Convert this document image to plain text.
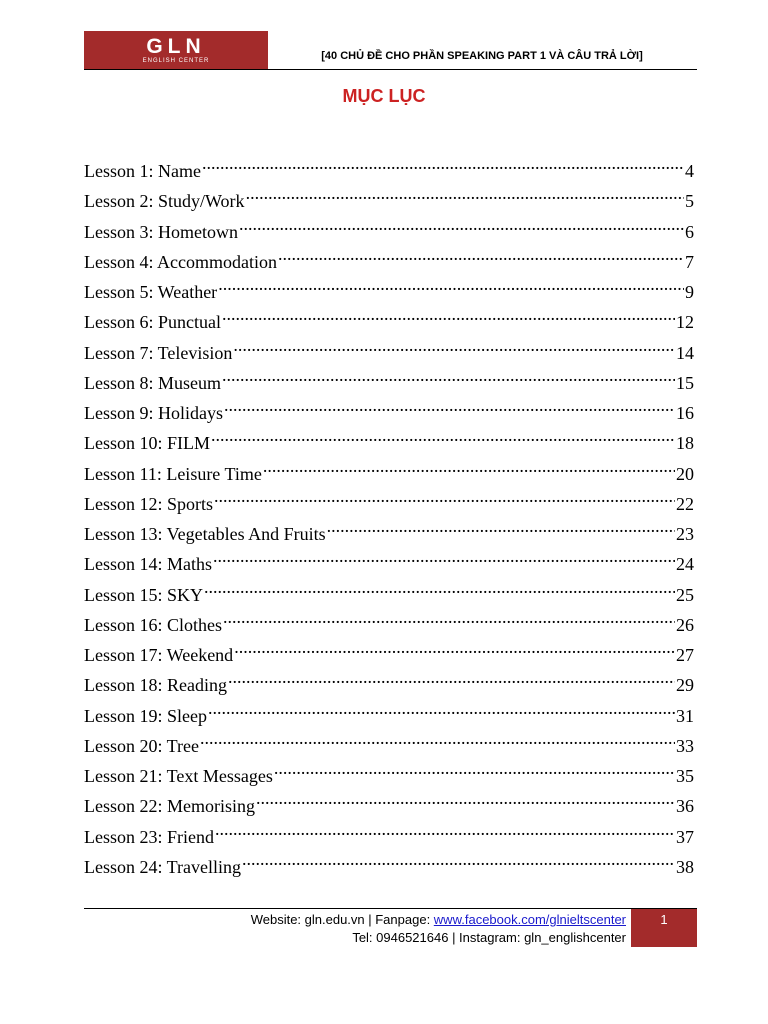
GLN
ENGLISH CENTER	[40 CHỦ ĐỀ CHO PHẦN SPEAKING PART 1 VÀ CÂU TRẢ LỜI]
MỤC LỤC
Lesson 1: Name .....	4
Lesson 2: Study/Work .....	5
Lesson 3: Hometown .....	6
Lesson 4: Accommodation .....	7
Lesson 5: Weather .....	9
Lesson 6: Punctual .....	12
Lesson 7: Television .....	14
Lesson 8: Museum .....	15
Lesson 9: Holidays .....	16
Lesson 10: FILM .....	18
Lesson 11: Leisure Time .....	20
Lesson 12: Sports .....	22
Lesson 13: Vegetables And Fruits .....	23
Lesson 14: Maths .....	24
Lesson 15: SKY .....	25
Lesson 16: Clothes .....	26
Lesson 17: Weekend .....	27
Lesson 18: Reading .....	29
Lesson 19: Sleep .....	31
Lesson 20: Tree .....	33
Lesson 21: Text Messages .....	35
Lesson 22: Memorising .....	36
Lesson 23: Friend .....	37
Lesson 24: Travelling .....	38
Website: gln.edu.vn | Fanpage: www.facebook.com/glnieltscenter
Tel: 0946521646 | Instagram: gln_englishcenter
1
